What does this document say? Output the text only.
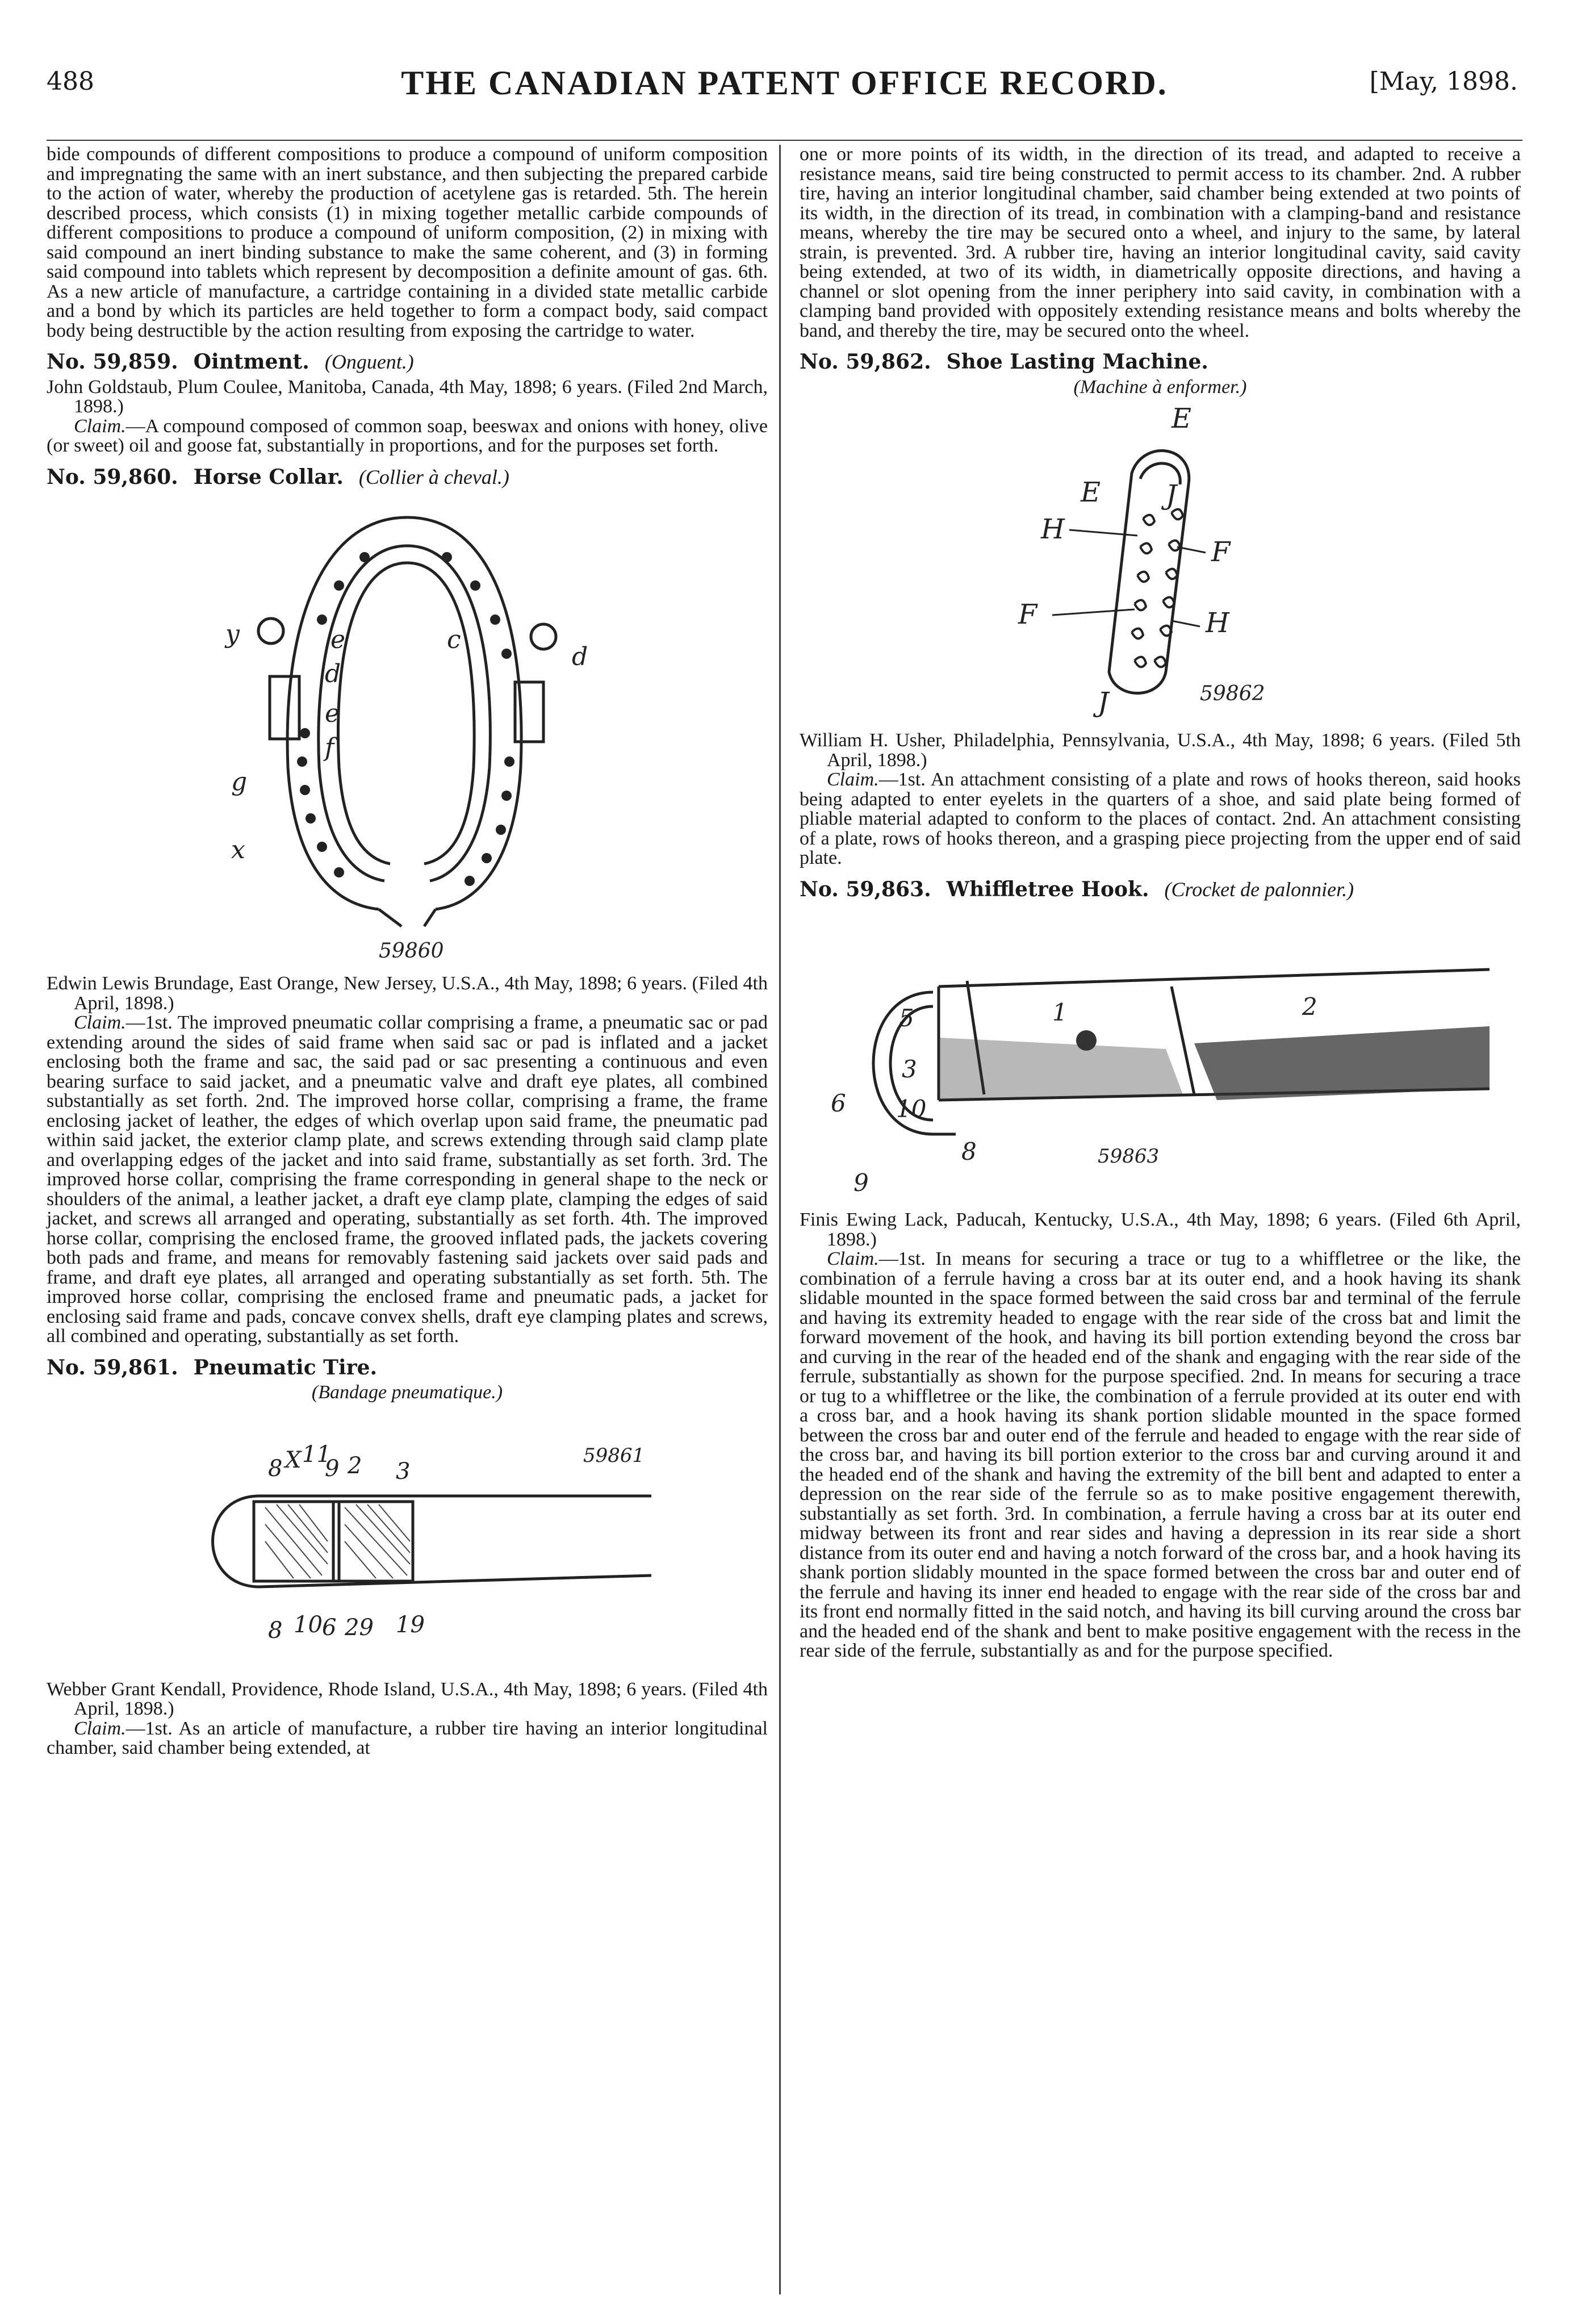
488	THE CANADIAN PATENT OFFICE RECORD.	[May, 1898.

bide compounds of different compositions to produce a compound of uniform composition and impregnating the same with an inert substance, and then subjecting the prepared carbide to the action of water, whereby the production of acetylene gas is retarded. 5th. The herein described process, which consists (1) in mixing together metallic carbide compounds of different compositions to produce a compound of uniform composition, (2) in mixing with said compound an inert binding substance to make the same coherent, and (3) in forming said compound into tablets which represent by decomposition a definite amount of gas. 6th. As a new article of manufacture, a cartridge containing in a divided state metallic carbide and a bond by which its particles are held together to form a compact body, said compact body being destructible by the action resulting from exposing the cartridge to water.

No. 59,859. Ointment. (Onguent.)

John Goldstaub, Plum Coulee, Manitoba, Canada, 4th May, 1898; 6 years. (Filed 2nd March, 1898.)

Claim.—A compound composed of common soap, beeswax and onions with honey, olive (or sweet) oil and goose fat, substantially in proportions, and for the purposes set forth.

No. 59,860. Horse Collar. (Collier à cheval.)

y	e
d
c
d
e
f
g
x
59860

Edwin Lewis Brundage, East Orange, New Jersey, U.S.A., 4th May, 1898; 6 years. (Filed 4th April, 1898.)

Claim.—1st. The improved pneumatic collar comprising a frame, a pneumatic sac or pad extending around the sides of said frame when said sac or pad is inflated and a jacket enclosing both the frame and sac, the said pad or sac presenting a continuous and even bearing surface to said jacket, and a pneumatic valve and draft eye plates, all combined substantially as set forth. 2nd. The improved horse collar, comprising a frame, the frame enclosing jacket of leather, the edges of which overlap upon said frame, the pneumatic pad within said jacket, the exterior clamp plate, and screws extending through said clamp plate and overlapping edges of the jacket and into said frame, substantially as set forth. 3rd. The improved horse collar, comprising the frame corresponding in general shape to the neck or shoulders of the animal, a leather jacket, a draft eye clamp plate, clamping the edges of said jacket, and screws all arranged and operating, substantially as set forth. 4th. The improved horse collar, comprising the enclosed frame, the grooved inflated pads, the jackets covering both pads and frame, and means for removably fastening said jackets over said pads and frame, and draft eye plates, all arranged and operating substantially as set forth. 5th. The improved horse collar, comprising the enclosed frame and pneumatic pads, a jacket for enclosing said frame and pads, concave convex shells, draft eye clamping plates and screws, all combined and operating, substantially as set forth.

No. 59,861. Pneumatic Tire.

(Bandage pneumatique.)

8 X 11
9 2 3
8 10 6 29 19
59861

Webber Grant Kendall, Providence, Rhode Island, U.S.A., 4th May, 1898; 6 years. (Filed 4th April, 1898.)

Claim.—1st. As an article of manufacture, a rubber tire having an interior longitudinal chamber, said chamber being extended, at

one or more points of its width, in the direction of its tread, and adapted to receive a resistance means, said tire being constructed to permit access to its chamber. 2nd. A rubber tire, having an interior longitudinal chamber, said chamber being extended at two points of its width, in the direction of its tread, in combination with a clamping-band and resistance means, whereby the tire may be secured onto a wheel, and injury to the same, by lateral strain, is prevented. 3rd. A rubber tire, having an interior longitudinal cavity, said cavity being extended, at two of its width, in diametrically opposite directions, and having a channel or slot opening from the inner periphery into said cavity, in combination with a clamping band provided with oppositely extending resistance means and bolts whereby the band, and thereby the tire, may be secured onto the wheel.

No. 59,862. Shoe Lasting Machine.

(Machine à enformer.)

E
E J
H
F
F	H
J	59862

William H. Usher, Philadelphia, Pennsylvania, U.S.A., 4th May, 1898; 6 years. (Filed 5th April, 1898.)

Claim.—1st. An attachment consisting of a plate and rows of hooks thereon, said hooks being adapted to enter eyelets in the quarters of a shoe, and said plate being formed of pliable material adapted to conform to the places of contact. 2nd. An attachment consisting of a plate, rows of hooks thereon, and a grasping piece projecting from the upper end of said plate.

No. 59,863. Whiffletree Hook. (Crocket de palonnier.)

5	1	2
3
6 10
8
9
59863

Finis Ewing Lack, Paducah, Kentucky, U.S.A., 4th May, 1898; 6 years. (Filed 6th April, 1898.)

Claim.—1st. In means for securing a trace or tug to a whiffletree or the like, the combination of a ferrule having a cross bar at its outer end, and a hook having its shank slidable mounted in the space formed between the said cross bar and terminal of the ferrule and having its extremity headed to engage with the rear side of the cross bat and limit the forward movement of the hook, and having its bill portion extending beyond the cross bar and curving in the rear of the headed end of the shank and engaging with the rear side of the ferrule, substantially as shown for the purpose specified. 2nd. In means for securing a trace or tug to a whiffletree or the like, the combination of a ferrule provided at its outer end with a cross bar, and a hook having its shank portion slidable mounted in the space formed between the cross bar and outer end of the ferrule and headed to engage with the rear side of the cross bar, and having its bill portion exterior to the cross bar and curving around it and the headed end of the shank and having the extremity of the bill bent and adapted to enter a depression on the rear side of the ferrule so as to make positive engagement therewith, substantially as set forth. 3rd. In combination, a ferrule having a cross bar at its outer end midway between its front and rear sides and having a depression in its rear side a short distance from its outer end and having a notch forward of the cross bar, and a hook having its shank portion slidably mounted in the space formed between the cross bar and outer end of the ferrule and having its inner end headed to engage with the rear side of the cross bar and its front end normally fitted in the said notch, and having its bill curving around the cross bar and the headed end of the shank and bent to make positive engagement with the recess in the rear side of the ferrule, substantially as and for the purpose specified.
